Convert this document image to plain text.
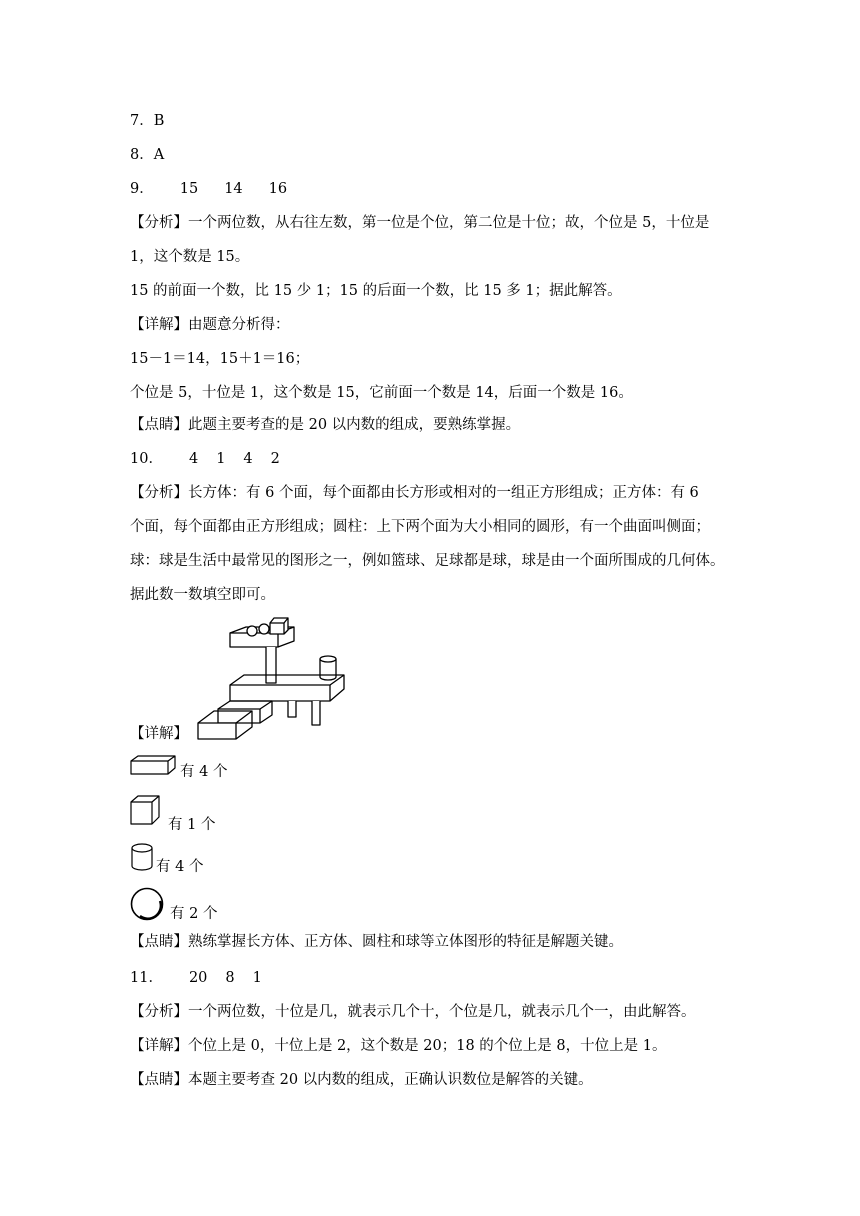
7．B
8．A
9． 15 14 16
【分析】一个两位数，从右往左数，第一位是个位，第二位是十位；故，个位是 5，十位是
1，这个数是 15。
15 的前面一个数，比 15 少 1；15 的后面一个数，比 15 多 1；据此解答。
【详解】由题意分析得：
15－1＝14，15＋1＝16；
个位是 5，十位是 1，这个数是 15，它前面一个数是 14，后面一个数是 16。
【点睛】此题主要考查的是 20 以内数的组成，要熟练掌握。
10． 4 1 4 2
【分析】长方体：有 6 个面，每个面都由长方形或相对的一组正方形组成；正方体：有 6
个面，每个面都由正方形组成；圆柱：上下两个面为大小相同的圆形，有一个曲面叫侧面；
球：球是生活中最常见的图形之一，例如篮球、足球都是球，球是由一个面所围成的几何体。
据此数一数填空即可。
【详解】
有 4 个
有 1 个
有 4 个
有 2 个
【点睛】熟练掌握长方体、正方体、圆柱和球等立体图形的特征是解题关键。
11． 20 8 1
【分析】一个两位数，十位是几，就表示几个十，个位是几，就表示几个一，由此解答。
【详解】个位上是 0，十位上是 2，这个数是 20；18 的个位上是 8，十位上是 1。
【点睛】本题主要考查 20 以内数的组成，正确认识数位是解答的关键。
